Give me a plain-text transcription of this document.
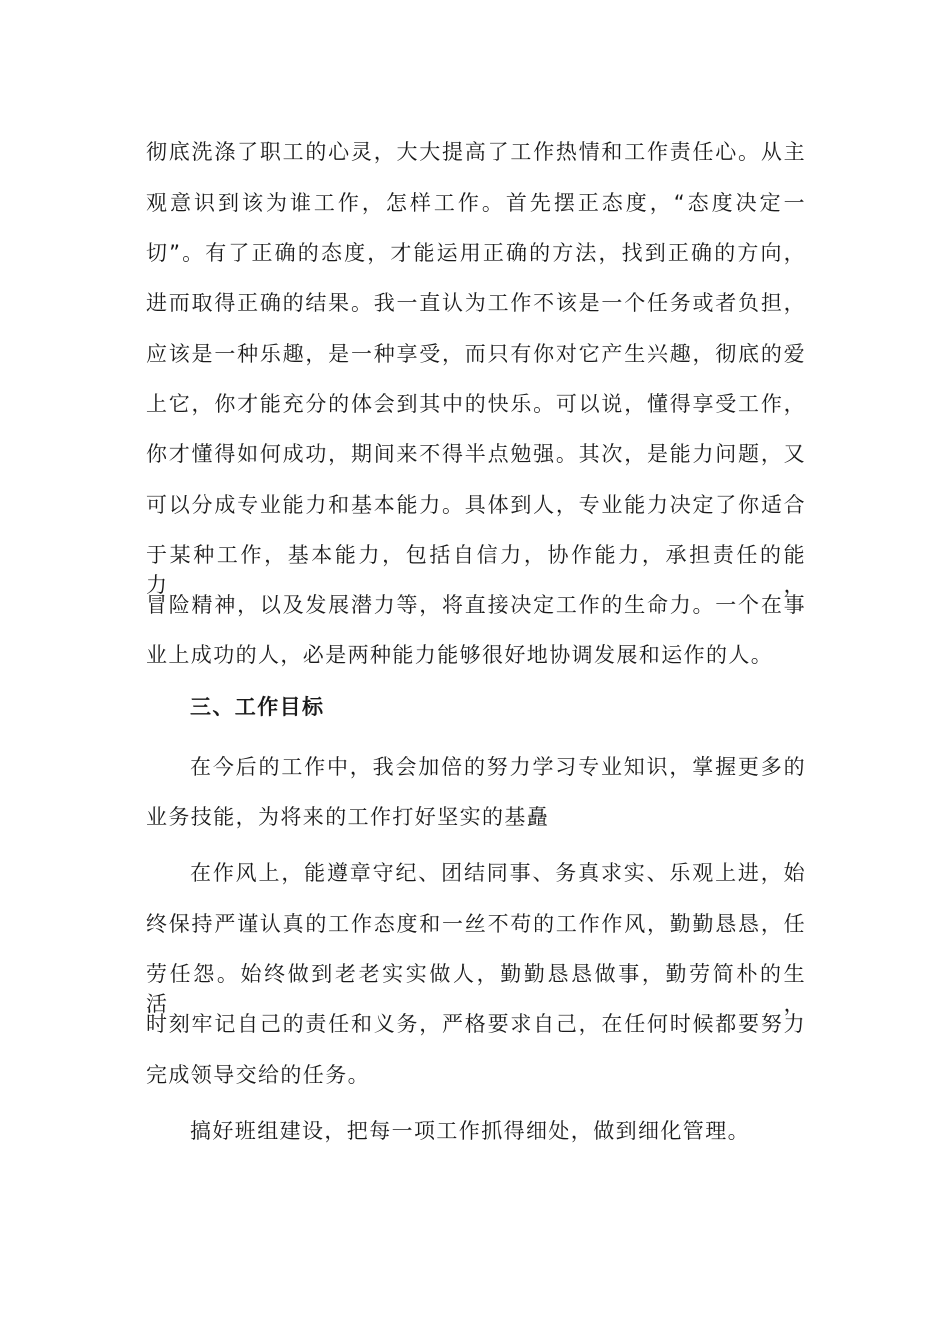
彻底洗涤了职工的心灵，大大提高了工作热情和工作责任心。从主
观意识到该为谁工作，怎样工作。首先摆正态度，“态度决定一
切”。有了正确的态度，才能运用正确的方法，找到正确的方向，
进而取得正确的结果。我一直认为工作不该是一个任务或者负担，
应该是一种乐趣，是一种享受，而只有你对它产生兴趣，彻底的爱
上它，你才能充分的体会到其中的快乐。可以说，懂得享受工作，
你才懂得如何成功，期间来不得半点勉强。其次，是能力问题，又
可以分成专业能力和基本能力。具体到人，专业能力决定了你适合
于某种工作，基本能力，包括自信力，协作能力，承担责任的能力，
冒险精神，以及发展潜力等，将直接决定工作的生命力。一个在事
业上成功的人，必是两种能力能够很好地协调发展和运作的人。
三、工作目标
在今后的工作中，我会加倍的努力学习专业知识，掌握更多的
业务技能，为将来的工作打好坚实的基矗
在作风上，能遵章守纪、团结同事、务真求实、乐观上进，始
终保持严谨认真的工作态度和一丝不苟的工作作风，勤勤恳恳，任
劳任怨。始终做到老老实实做人，勤勤恳恳做事，勤劳简朴的生活，
时刻牢记自己的责任和义务，严格要求自己，在任何时候都要努力
完成领导交给的任务。
搞好班组建设，把每一项工作抓得细处，做到细化管理。
